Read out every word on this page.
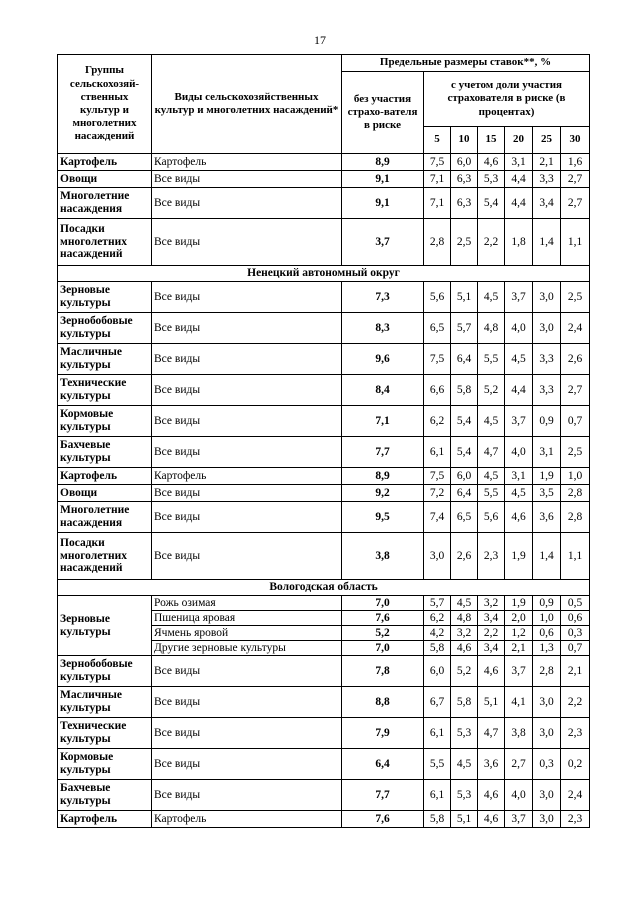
17
Группы сельскохозяй-ственных культур и многолетних насаждений	Виды сельскохозяйственных культур и многолетних насаждений*	Предельные размеры ставок**, %						
		без участия страхо-вателя в риске	с учетом доли участия страхователя в риске (в процентах)					
			5	10	15	20	25	30
Картофель	Картофель	8,9	7,5	6,0	4,6	3,1	2,1	1,6
Овощи	Все виды	9,1	7,1	6,3	5,3	4,4	3,3	2,7
Многолетние насаждения	Все виды	9,1	7,1	6,3	5,4	4,4	3,4	2,7
Посадки многолетних насаждений	Все виды	3,7	2,8	2,5	2,2	1,8	1,4	1,1
Ненецкий автономный округ								
Зерновые культуры	Все виды	7,3	5,6	5,1	4,5	3,7	3,0	2,5
Зернобобовые культуры	Все виды	8,3	6,5	5,7	4,8	4,0	3,0	2,4
Масличные культуры	Все виды	9,6	7,5	6,4	5,5	4,5	3,3	2,6
Технические культуры	Все виды	8,4	6,6	5,8	5,2	4,4	3,3	2,7
Кормовые культуры	Все виды	7,1	6,2	5,4	4,5	3,7	0,9	0,7
Бахчевые культуры	Все виды	7,7	6,1	5,4	4,7	4,0	3,1	2,5
Картофель	Картофель	8,9	7,5	6,0	4,5	3,1	1,9	1,0
Овощи	Все виды	9,2	7,2	6,4	5,5	4,5	3,5	2,8
Многолетние насаждения	Все виды	9,5	7,4	6,5	5,6	4,6	3,6	2,8
Посадки многолетних насаждений	Все виды	3,8	3,0	2,6	2,3	1,9	1,4	1,1
Вологодская область								
Зерновые культуры	Рожь озимая	7,0	5,7	4,5	3,2	1,9	0,9	0,5
	Пшеница яровая	7,6	6,2	4,8	3,4	2,0	1,0	0,6
	Ячмень яровой	5,2	4,2	3,2	2,2	1,2	0,6	0,3
	Другие зерновые культуры	7,0	5,8	4,6	3,4	2,1	1,3	0,7
Зернобобовые культуры	Все виды	7,8	6,0	5,2	4,6	3,7	2,8	2,1
Масличные культуры	Все виды	8,8	6,7	5,8	5,1	4,1	3,0	2,2
Технические культуры	Все виды	7,9	6,1	5,3	4,7	3,8	3,0	2,3
Кормовые культуры	Все виды	6,4	5,5	4,5	3,6	2,7	0,3	0,2
Бахчевые культуры	Все виды	7,7	6,1	5,3	4,6	4,0	3,0	2,4
Картофель	Картофель	7,6	5,8	5,1	4,6	3,7	3,0	2,3
